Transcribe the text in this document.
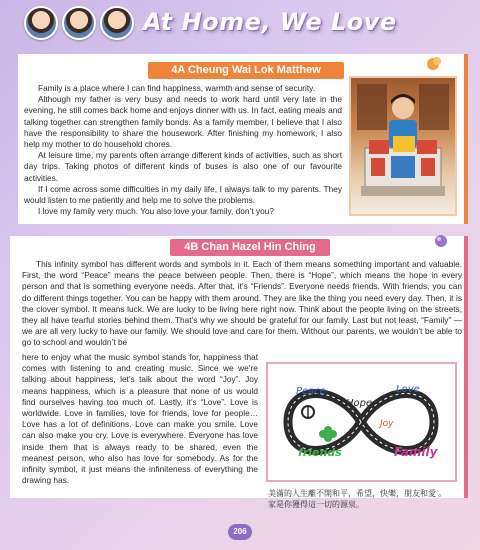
At Home, We Love
4A Cheung Wai Lok Matthew

Family is a place where I can find happiness, warmth and sense of security.

Although my father is very busy and needs to work hard until very late in the evening, he still comes back home and enjoys dinner with us. In fact, eating meals and talking together can strengthen family bonds. As a family member, I believe that I also have the responsibility to share the housework. After finishing my homework, I also help my mother to do household chores.

At leisure time, my parents often arrange different kinds of activities, such as short day trips. Taking photos of different kinds of buses is also one of our favourite activities.

If I come across some difficulties in my daily life, I always talk to my parents. They would listen to me patiently and help me to solve the problems.

I love my family very much. You also love your family, don’t you?

4B Chan Hazel Hin Ching

This infinity symbol has different words and symbols in it. Each of them means something important and valuable. First, the word “Peace” means the peace between people. Then, there is “Hope”, which means the hope in every person and that is something everyone needs. After that, it’s “Friends”. Everyone needs friends. With friends, you can do different things together. You can be happy with them around. They are like the thing you need every day. Then, it is the clover symbol. It means luck. We are lucky to be living here right now. Think about the people living on the streets, they all have tearful stories behind them. That’s why we should be grateful for our family. Last but not least, “Family” — we are all very lucky to have our family. We should love and care for them. Without our parents, we wouldn’t be able to go to school and wouldn’t be

here to enjoy what the music symbol stands for, happiness that comes with listening to and creating music. Since we we’re talking about happiness, let’s talk about the word “Joy”. Joy means happiness, which is a pleasure that none of us would find ourselves having too much of. Lastly, it’s “Love”. Love is worldwide. Love in families, love for friends, love for people… Love has a lot of definitions. Love can make you smile. Love can also make you cry. Love is everywhere. Everyone has love inside them that is always ready to be shared, even the meanest person, who also has love for somebody. As for the infinity symbol, it just means the infiniteness of everything the drawing has.

Peace
Hope
Love
Joy
friends	Family
美滿的人生離不開和平，希望，快樂，朋友和愛 。
家是你獲得這一切的源泉。
206
